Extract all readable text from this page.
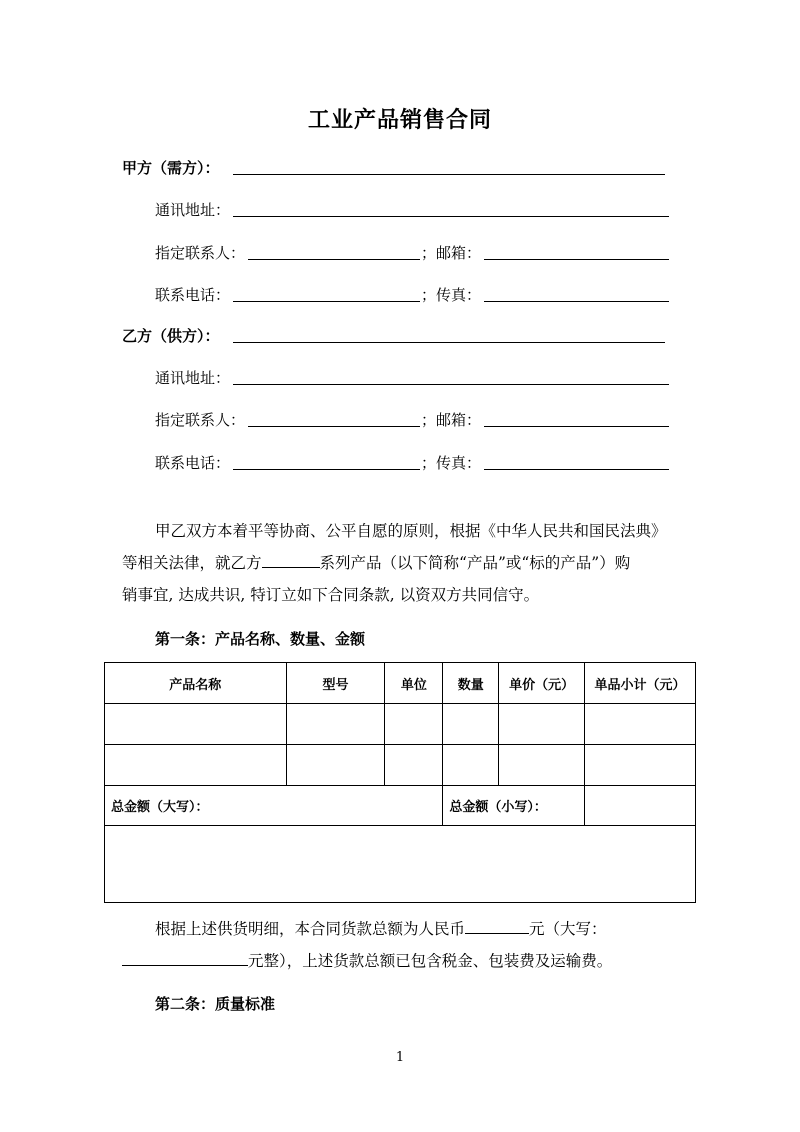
工业产品销售合同
甲方（需方）：
通讯地址：
指定联系人：	；邮箱：
联系电话：	；传真：
乙方（供方）：
通讯地址：
指定联系人：	；邮箱：
联系电话：	；传真：
甲乙双方本着平等协商、公平自愿的原则，根据《中华人民共和国民法典》
等相关法律，就乙方	系列产品（以下简称“产品”或“标的产品”）购
销事宜, 达成共识, 特订立如下合同条款, 以资双方共同信守。
第一条：产品名称、数量、金额
产品名称	型号	单位	数量	单价（元）	单品小计（元）

总金额（大写）：			总金额（小写）：		

根据上述供货明细，本合同货款总额为人民币	元（大写：
元整），上述货款总额已包含税金、包装费及运输费。
第二条：质量标准
1
